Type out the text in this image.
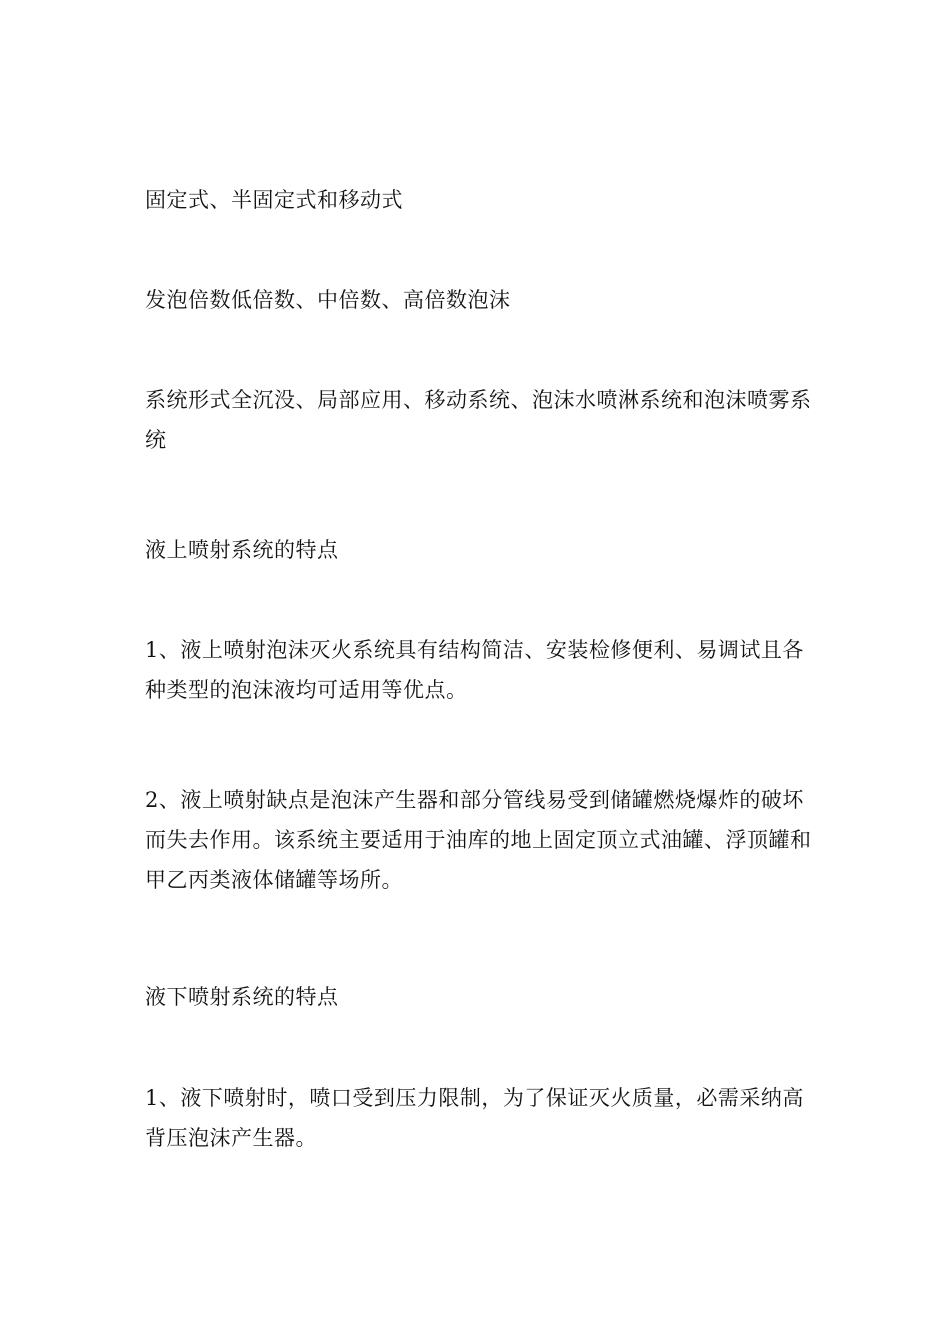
固定式、半固定式和移动式

发泡倍数低倍数、中倍数、高倍数泡沫

系统形式全沉没、局部应用、移动系统、泡沫水喷淋系统和泡沫喷雾系统

液上喷射系统的特点

1、液上喷射泡沫灭火系统具有结构简洁、安装检修便利、易调试且各种类型的泡沫液均可适用等优点。

2、液上喷射缺点是泡沫产生器和部分管线易受到储罐燃烧爆炸的破坏而失去作用。该系统主要适用于油库的地上固定顶立式油罐、浮顶罐和甲乙丙类液体储罐等场所。

液下喷射系统的特点

1、液下喷射时，喷口受到压力限制，为了保证灭火质量，必需采纳高背压泡沫产生器。
